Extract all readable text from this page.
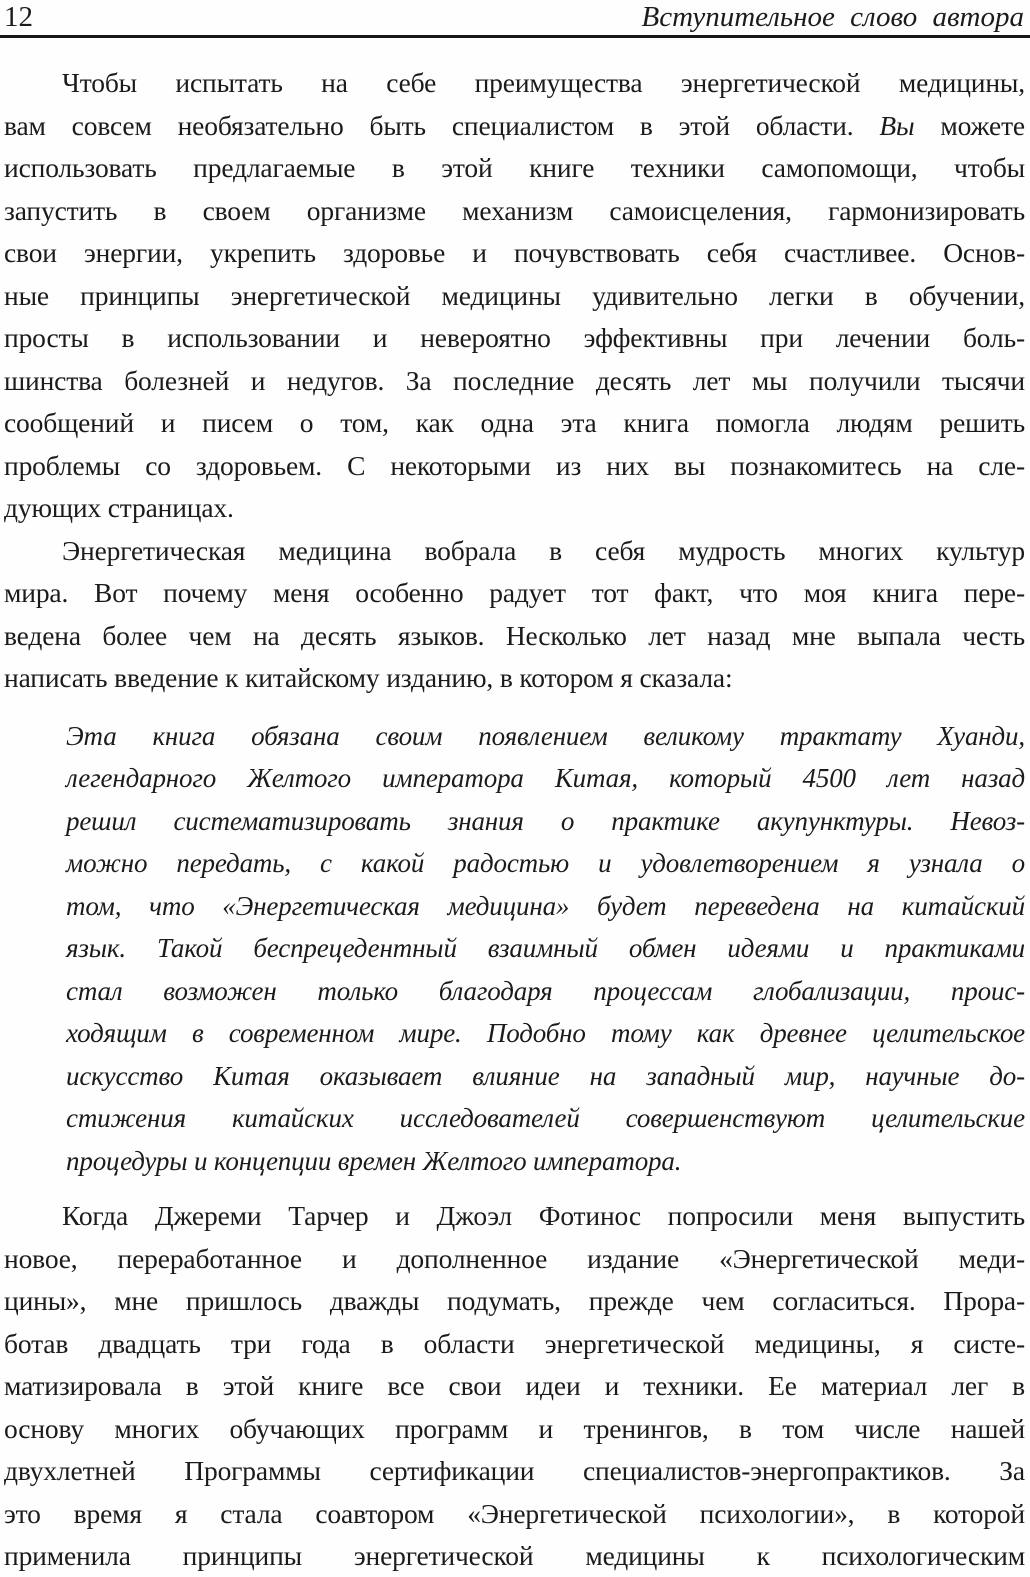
12	Вступительное слово автора
Чтобы испытать на себе преимущества энергетической медицины,
вам совсем необязательно быть специалистом в этой области. Вы можете
использовать предлагаемые в этой книге техники самопомощи, чтобы
запустить в своем организме механизм самоисцеления, гармонизировать
свои энергии, укрепить здоровье и почувствовать себя счастливее. Основ-
ные принципы энергетической медицины удивительно легки в обучении,
просты в использовании и невероятно эффективны при лечении боль-
шинства болезней и недугов. За последние десять лет мы получили тысячи
сообщений и писем о том, как одна эта книга помогла людям решить
проблемы со здоровьем. С некоторыми из них вы познакомитесь на сле-
дующих страницах.
Энергетическая медицина вобрала в себя мудрость многих культур
мира. Вот почему меня особенно радует тот факт, что моя книга пере-
ведена более чем на десять языков. Несколько лет назад мне выпала честь
написать введение к китайскому изданию, в котором я сказала:
Эта книга обязана своим появлением великому трактату Хуанди,
легендарного Желтого императора Китая, который 4500 лет назад
решил систематизировать знания о практике акупунктуры. Невоз-
можно передать, с какой радостью и удовлетворением я узнала о
том, что «Энергетическая медицина» будет переведена на китайский
язык. Такой беспрецедентный взаимный обмен идеями и практиками
стал возможен только благодаря процессам глобализации, проис-
ходящим в современном мире. Подобно тому как древнее целительское
искусство Китая оказывает влияние на западный мир, научные до-
стижения китайских исследователей совершенствуют целительские
процедуры и концепции времен Желтого императора.
Когда Джереми Тарчер и Джоэл Фотинос попросили меня выпустить
новое, переработанное и дополненное издание «Энергетической меди-
цины», мне пришлось дважды подумать, прежде чем согласиться. Прора-
ботав двадцать три года в области энергетической медицины, я систе-
матизировала в этой книге все свои идеи и техники. Ее материал лег в
основу многих обучающих программ и тренингов, в том числе нашей
двухлетней Программы сертификации специалистов-энергопрактиков. За
это время я стала соавтором «Энергетической психологии», в которой
применила принципы энергетической медицины к психологическим
